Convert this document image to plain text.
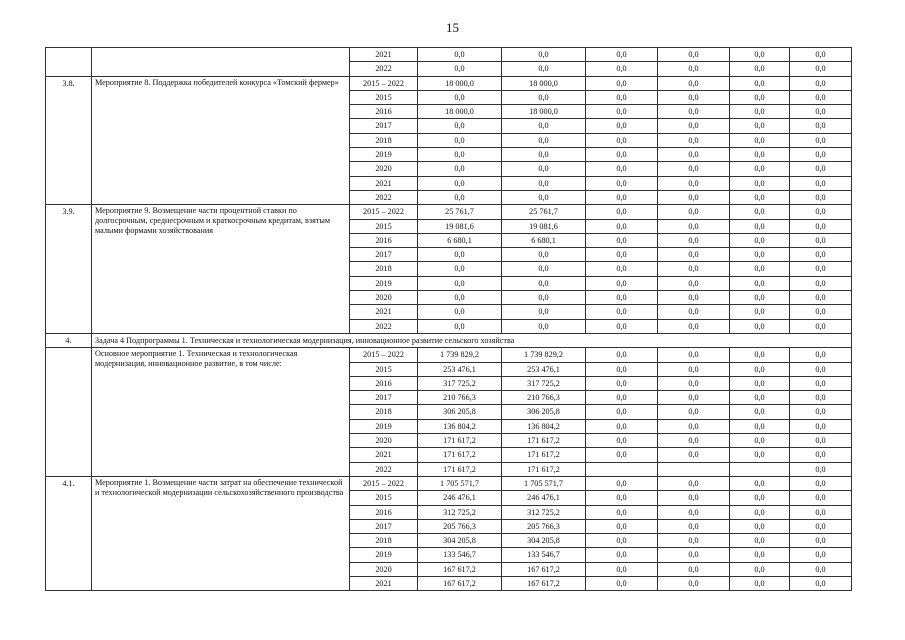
15
		2021	0,0	0,0	0,0	0,0	0,0	0,0	
		2022	0,0	0,0	0,0	0,0	0,0	0,0	
3.8.	Мероприятие 8. Поддержка победителей конкурса «Томский фермер»	2015 – 2022	18 000,0	18 000,0	0,0	0,0	0,0	0,0	
		2015	0,0	0,0	0,0	0,0	0,0	0,0	
		2016	18 000,0	18 000,0	0,0	0,0	0,0	0,0	
		2017	0,0	0,0	0,0	0,0	0,0	0,0	
		2018	0,0	0,0	0,0	0,0	0,0	0,0	
		2019	0,0	0,0	0,0	0,0	0,0	0,0	
		2020	0,0	0,0	0,0	0,0	0,0	0,0	
		2021	0,0	0,0	0,0	0,0	0,0	0,0	
		2022	0,0	0,0	0,0	0,0	0,0	0,0	
3.9.	Мероприятие 9. Возмещение части процентной ставки по долгосрочным, среднесрочным и краткосрочным кредитам, взятым малыми формами хозяйствования	2015 – 2022	25 761,7	25 761,7	0,0	0,0	0,0	0,0	
		2015	19 081,6	19 081,6	0,0	0,0	0,0	0,0	
		2016	6 680,1	6 680,1	0,0	0,0	0,0	0,0	
		2017	0,0	0,0	0,0	0,0	0,0	0,0	
		2018	0,0	0,0	0,0	0,0	0,0	0,0	
		2019	0,0	0,0	0,0	0,0	0,0	0,0	
		2020	0,0	0,0	0,0	0,0	0,0	0,0	
		2021	0,0	0,0	0,0	0,0	0,0	0,0	
		2022	0,0	0,0	0,0	0,0	0,0	0,0	
4.	Задача 4 Подпрограммы 1. Техническая и технологическая модернизация, инновационное развитие сельского хозяйства								
	Основное мероприятие 1. Техническая и технологическая модернизация, инновационное развитие, в том числе:	2015 – 2022	1 739 829,2	1 739 829,2	0,0	0,0	0,0	0,0	
		2015	253 476,1	253 476,1	0,0	0,0	0,0	0,0	
		2016	317 725,2	317 725,2	0,0	0,0	0,0	0,0	
		2017	210 766,3	210 766,3	0,0	0,0	0,0	0,0	
		2018	306 205,8	306 205,8	0,0	0,0	0,0	0,0	
		2019	136 804,2	136 804,2	0,0	0,0	0,0	0,0	
		2020	171 617,2	171 617,2	0,0	0,0	0,0	0,0	
		2021	171 617,2	171 617,2	0,0	0,0	0,0	0,0	
		2022	171 617,2	171 617,2				0,0	
4.1.	Мероприятие 1. Возмещение части затрат на обеспечение технической и технологической модернизации сельскохозяйственного производства	2015 – 2022	1 705 571,7	1 705 571,7	0,0	0,0	0,0	0,0	
		2015	246 476,1	246 476,1	0,0	0,0	0,0	0,0	
		2016	312 725,2	312 725,2	0,0	0,0	0,0	0,0	
		2017	205 766,3	205 766,3	0,0	0,0	0,0	0,0	
		2018	304 205,8	304 205,8	0,0	0,0	0,0	0,0	
		2019	133 546,7	133 546,7	0,0	0,0	0,0	0,0	
		2020	167 617,2	167 617,2	0,0	0,0	0,0	0,0	
		2021	167 617,2	167 617,2	0,0	0,0	0,0	0,0	
